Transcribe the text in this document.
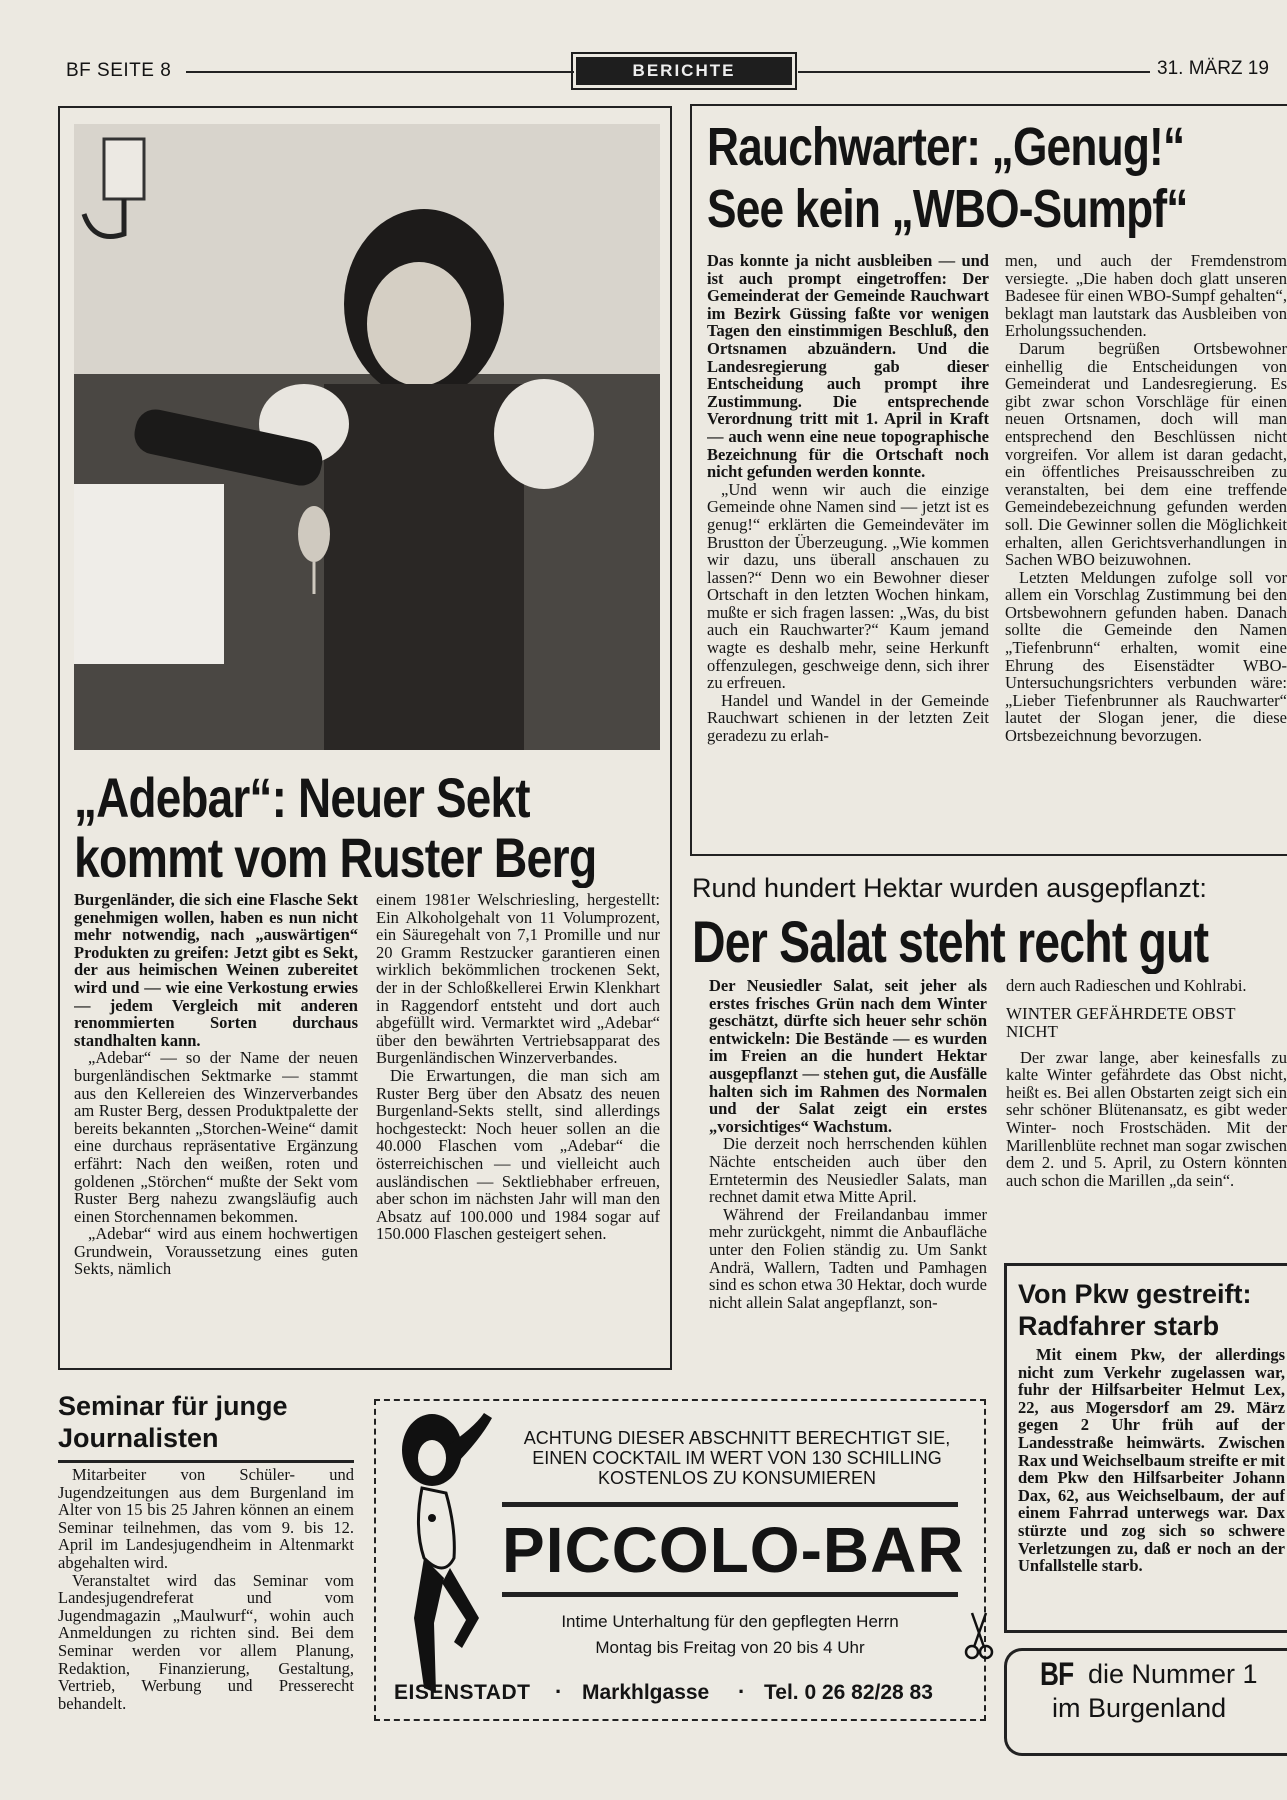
BF SEITE 8	BERICHTE	31. MÄRZ 19
„Adebar“: Neuer Sekt
kommt vom Ruster Berg

Burgenländer, die sich eine Flasche Sekt genehmigen wollen, haben es nun nicht mehr notwendig, nach „auswärtigen“ Produkten zu greifen: Jetzt gibt es Sekt, der aus heimischen Weinen zubereitet wird und — wie eine Verkostung erwies — jedem Vergleich mit anderen renommierten Sorten durchaus standhalten kann.

„Adebar“ — so der Name der neuen burgenländischen Sektmarke — stammt aus den Kellereien des Winzerverbandes am Ruster Berg, dessen Produktpalette der bereits bekannten „Storchen-Weine“ damit eine durchaus repräsentative Ergänzung erfährt: Nach den weißen, roten und goldenen „Störchen“ mußte der Sekt vom Ruster Berg nahezu zwangsläufig auch einen Storchennamen bekommen.

„Adebar“ wird aus einem hochwertigen Grundwein, Voraussetzung eines guten Sekts, nämlich

einem 1981er Welschriesling, hergestellt: Ein Alkoholgehalt von 11 Volumprozent, ein Säuregehalt von 7,1 Promille und nur 20 Gramm Restzucker garantieren einen wirklich bekömmlichen trockenen Sekt, der in der Schloßkellerei Erwin Klenkhart in Raggendorf entsteht und dort auch abgefüllt wird. Vermarktet wird „Adebar“ über den bewährten Vertriebsapparat des Burgenländischen Winzerverbandes.

Die Erwartungen, die man sich am Ruster Berg über den Absatz des neuen Burgenland-Sekts stellt, sind allerdings hochgesteckt: Noch heuer sollen an die 40.000 Flaschen vom „Adebar“ die österreichischen — und vielleicht auch ausländischen — Sektliebhaber erfreuen, aber schon im nächsten Jahr will man den Absatz auf 100.000 und 1984 sogar auf 150.000 Flaschen gesteigert sehen.

Rauchwarter: „Genug!“
See kein „WBO-Sumpf“

Das konnte ja nicht ausbleiben — und ist auch prompt eingetroffen: Der Gemeinderat der Gemeinde Rauchwart im Bezirk Güssing faßte vor wenigen Tagen den einstimmigen Beschluß, den Ortsnamen abzuändern. Und die Landesregierung gab dieser Entscheidung auch prompt ihre Zustimmung. Die entsprechende Verordnung tritt mit 1. April in Kraft — auch wenn eine neue topographische Bezeichnung für die Ortschaft noch nicht gefunden werden konnte.

„Und wenn wir auch die einzige Gemeinde ohne Namen sind — jetzt ist es genug!“ erklärten die Gemeindeväter im Brustton der Überzeugung. „Wie kommen wir dazu, uns überall anschauen zu lassen?“ Denn wo ein Bewohner dieser Ortschaft in den letzten Wochen hinkam, mußte er sich fragen lassen: „Was, du bist auch ein Rauchwarter?“ Kaum jemand wagte es deshalb mehr, seine Herkunft offenzulegen, geschweige denn, sich ihrer zu erfreuen.

Handel und Wandel in der Gemeinde Rauchwart schienen in der letzten Zeit geradezu zu erlah-

men, und auch der Fremdenstrom versiegte. „Die haben doch glatt unseren Badesee für einen WBO-Sumpf gehalten“, beklagt man lautstark das Ausbleiben von Erholungssuchenden.

Darum begrüßen Ortsbewohner einhellig die Entscheidungen von Gemeinderat und Landesregierung. Es gibt zwar schon Vorschläge für einen neuen Ortsnamen, doch will man entsprechend den Beschlüssen nicht vorgreifen. Vor allem ist daran gedacht, ein öffentliches Preisausschreiben zu veranstalten, bei dem eine treffende Gemeindebezeichnung gefunden werden soll. Die Gewinner sollen die Möglichkeit erhalten, allen Gerichtsverhandlungen in Sachen WBO beizuwohnen.

Letzten Meldungen zufolge soll vor allem ein Vorschlag Zustimmung bei den Ortsbewohnern gefunden haben. Danach sollte die Gemeinde den Namen „Tiefenbrunn“ erhalten, womit eine Ehrung des Eisenstädter WBO-Untersuchungsrichters verbunden wäre: „Lieber Tiefenbrunner als Rauchwarter“ lautet der Slogan jener, die diese Ortsbezeichnung bevorzugen.

Rund hundert Hektar wurden ausgepflanzt:
Der Salat steht recht gut

Der Neusiedler Salat, seit jeher als erstes frisches Grün nach dem Winter geschätzt, dürfte sich heuer sehr schön entwickeln: Die Bestände — es wurden im Freien an die hundert Hektar ausgepflanzt — stehen gut, die Ausfälle halten sich im Rahmen des Normalen und der Salat zeigt ein erstes „vorsichtiges“ Wachstum.

Die derzeit noch herrschenden kühlen Nächte entscheiden auch über den Erntetermin des Neusiedler Salats, man rechnet damit etwa Mitte April.

Während der Freilandanbau immer mehr zurückgeht, nimmt die Anbaufläche unter den Folien ständig zu. Um Sankt Andrä, Wallern, Tadten und Pamhagen sind es schon etwa 30 Hektar, doch wurde nicht allein Salat angepflanzt, son-

dern auch Radieschen und Kohlrabi.

WINTER GEFÄHRDETE OBST NICHT

Der zwar lange, aber keinesfalls zu kalte Winter gefährdete das Obst nicht, heißt es. Bei allen Obstarten zeigt sich ein sehr schöner Blütenansatz, es gibt weder Winter- noch Frostschäden. Mit der Marillenblüte rechnet man sogar zwischen dem 2. und 5. April, zu Ostern könnten auch schon die Marillen „da sein“.

Von Pkw gestreift:
Radfahrer starb
Mit einem Pkw, der allerdings nicht zum Verkehr zugelassen war, fuhr der Hilfsarbeiter Helmut Lex, 22, aus Mogersdorf am 29. März gegen 2 Uhr früh auf der Landesstraße heimwärts. Zwischen Rax und Weichselbaum streifte er mit dem Pkw den Hilfsarbeiter Johann Dax, 62, aus Weichselbaum, der auf einem Fahrrad unterwegs war. Dax stürzte und zog sich so schwere Verletzungen zu, daß er noch an der Unfallstelle starb.
Seminar für junge
Journalisten

Mitarbeiter von Schüler- und Jugendzeitungen aus dem Burgenland im Alter von 15 bis 25 Jahren können an einem Seminar teilnehmen, das vom 9. bis 12. April im Landesjugendheim in Altenmarkt abgehalten wird.

Veranstaltet wird das Seminar vom Landesjugendreferat und vom Jugendmagazin „Maulwurf“, wohin auch Anmeldungen zu richten sind. Bei dem Seminar werden vor allem Planung, Redaktion, Finanzierung, Gestaltung, Vertrieb, Werbung und Presserecht behandelt.

ACHTUNG DIESER ABSCHNITT BERECHTIGT SIE,
EINEN COCKTAIL IM WERT VON 130 SCHILLING
KOSTENLOS ZU KONSUMIEREN
PICCOLO-BAR
Intime Unterhaltung für den gepflegten Herrn
Montag bis Freitag von 20 bis 4 Uhr
EISENSTADT · Markhlgasse · Tel. 0 26 82/28 83
BF die Nummer 1
im Burgenland
